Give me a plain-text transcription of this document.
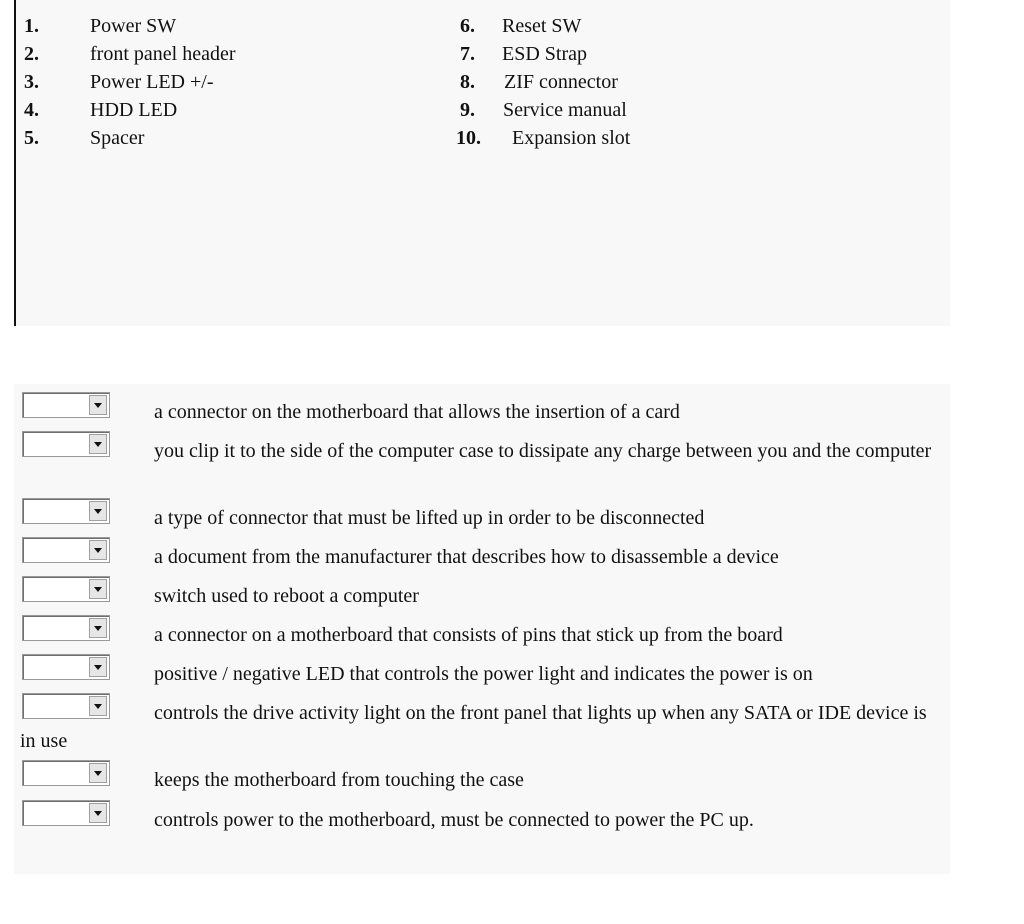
1.	Power SW
2.	front panel header
3.	Power LED +/-
4.	HDD LED
5.	Spacer
6. Reset SW
7. ESD Strap
8. ZIF connector
9. Service manual
10. Expansion slot
a connector on the motherboard that allows the insertion of a card
you clip it to the side of the computer case to dissipate any charge between you and the computer
a type of connector that must be lifted up in order to be disconnected
a document from the manufacturer that describes how to disassemble a device
switch used to reboot a computer
a connector on a motherboard that consists of pins that stick up from the board
positive / negative LED that controls the power light and indicates the power is on
controls the drive activity light on the front panel that lights up when any SATA or IDE device is in use
keeps the motherboard from touching the case
controls power to the motherboard, must be connected to power the PC up.
